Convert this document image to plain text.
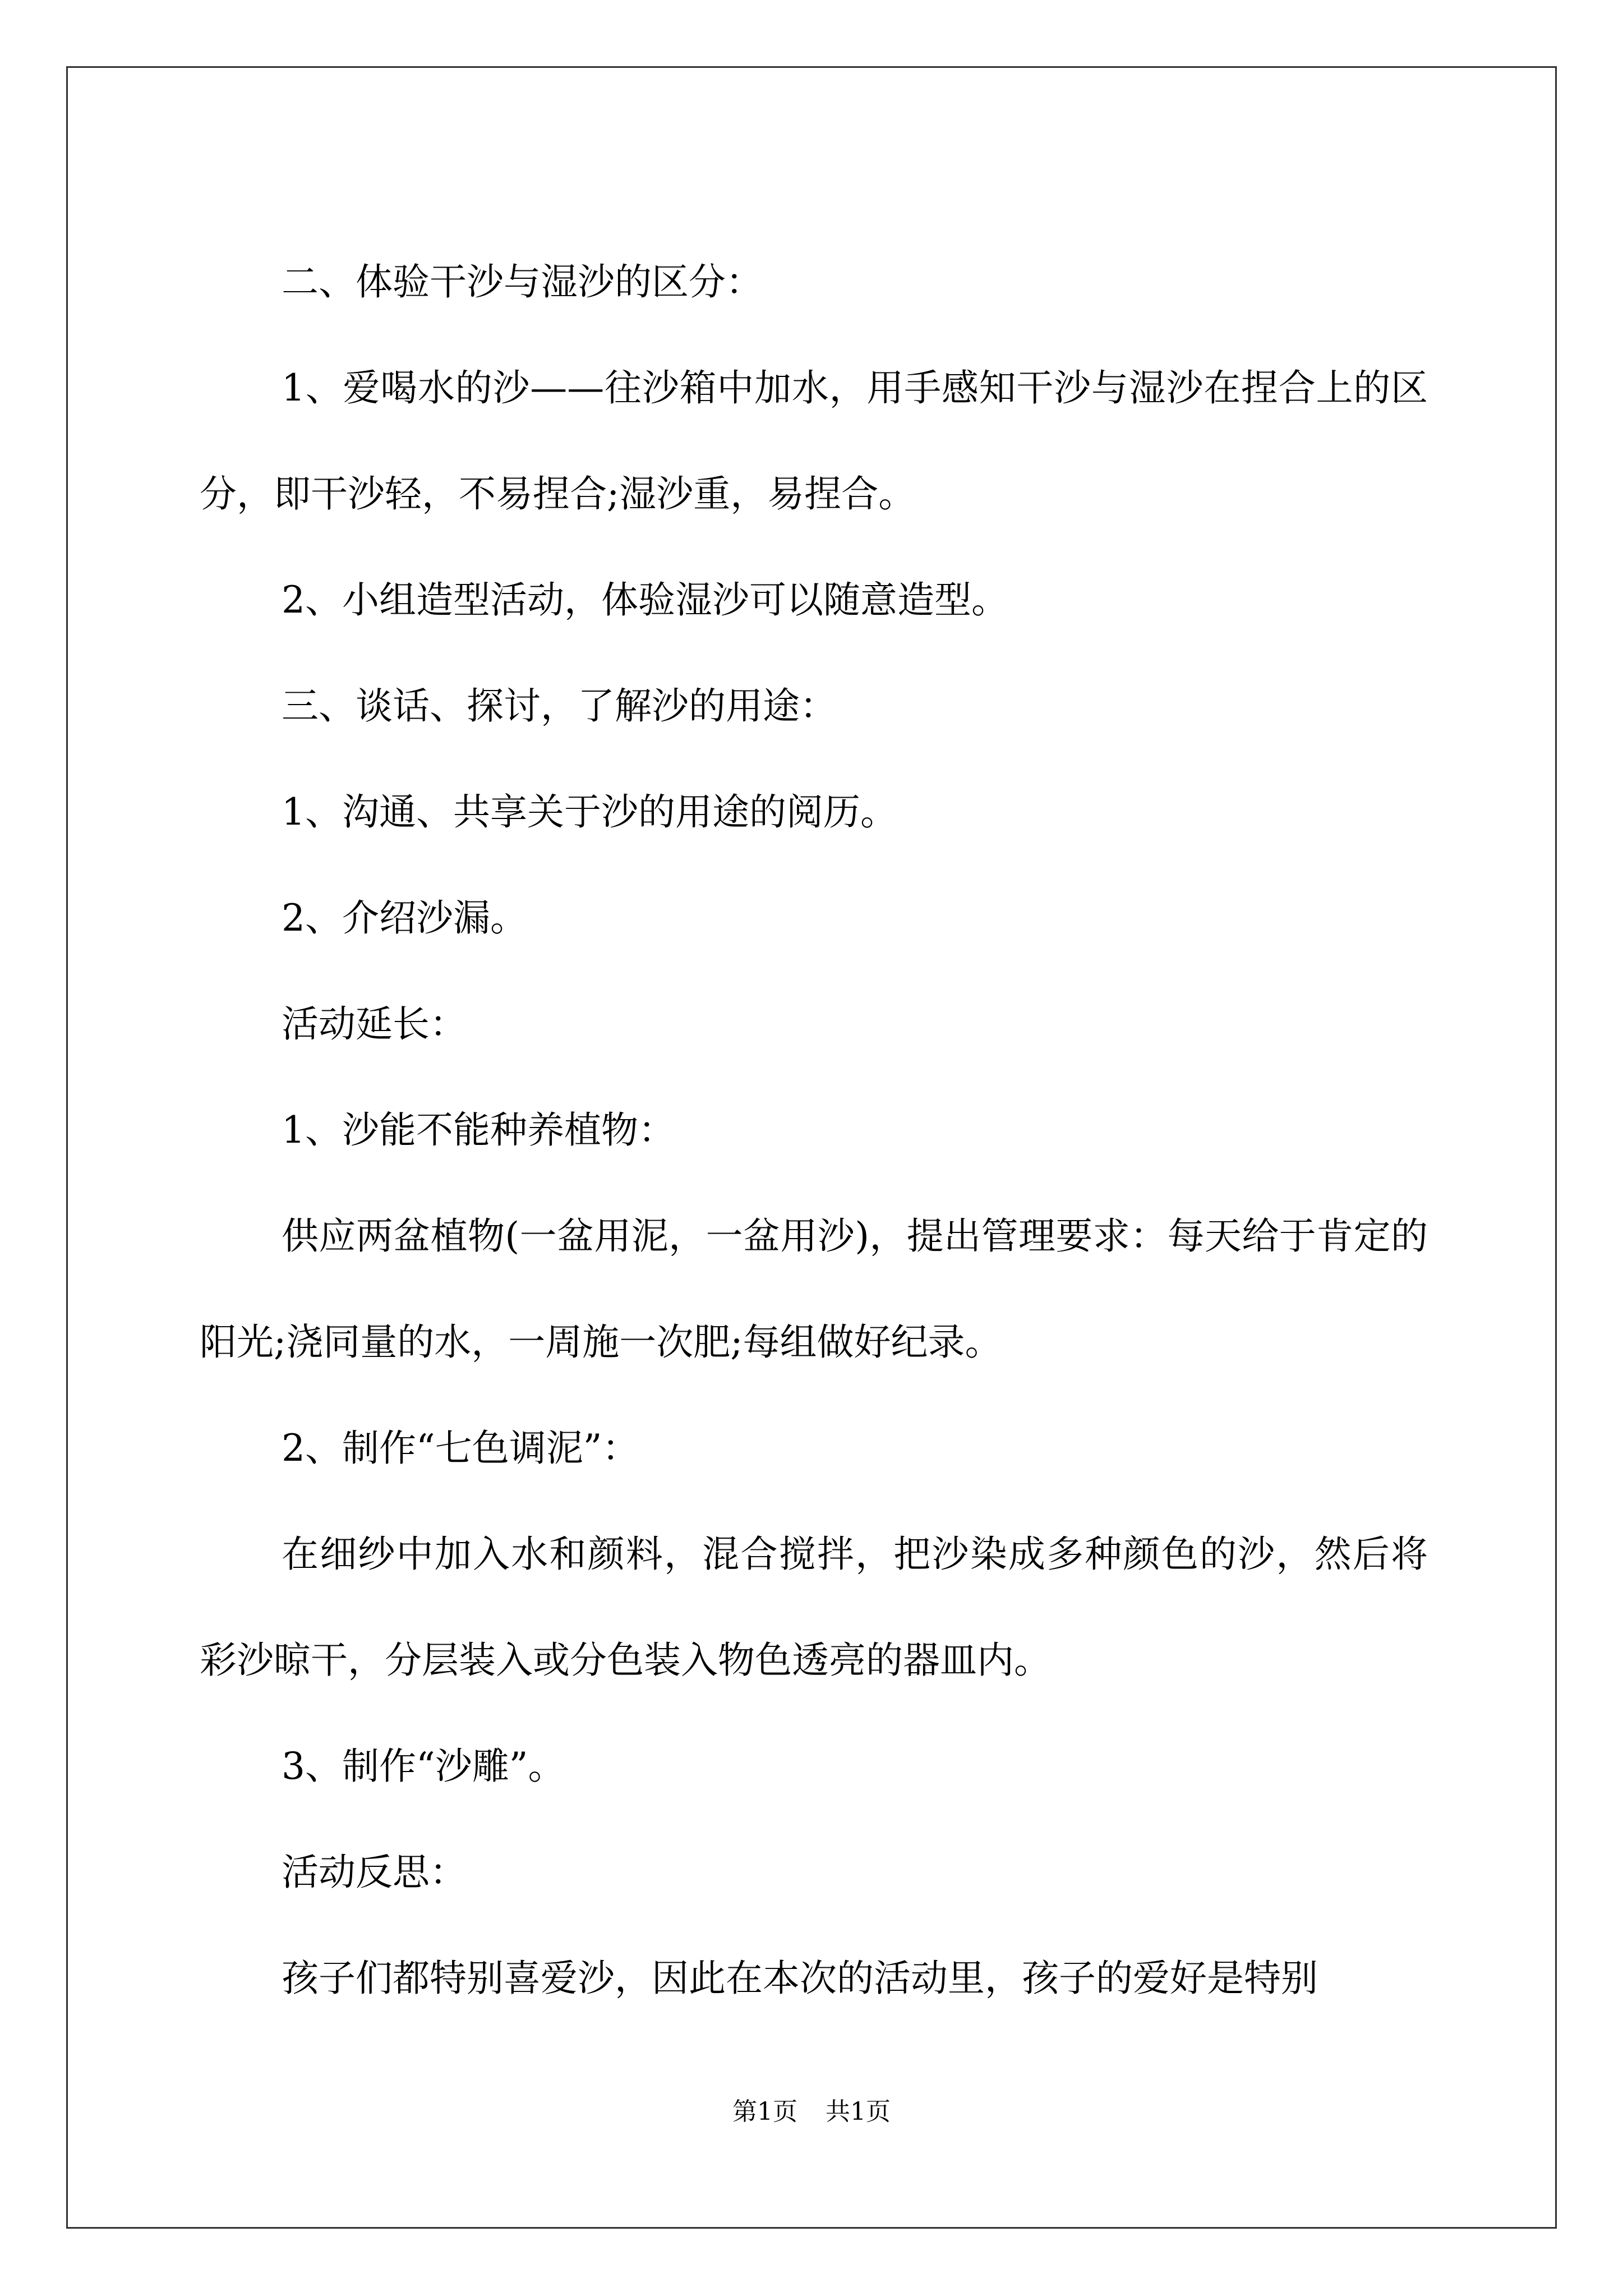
二、体验干沙与湿沙的区分：

1、爱喝水的沙——往沙箱中加水，用手感知干沙与湿沙在捏合上的区分，即干沙轻，不易捏合;湿沙重，易捏合。

2、小组造型活动，体验湿沙可以随意造型。

三、谈话、探讨，了解沙的用途：

1、沟通、共享关于沙的用途的阅历。

2、介绍沙漏。

活动延长：

1、沙能不能种养植物：

供应两盆植物(一盆用泥，一盆用沙)，提出管理要求：每天给于肯定的阳光;浇同量的水，一周施一次肥;每组做好纪录。

2、制作“七色调泥”：

在细纱中加入水和颜料，混合搅拌，把沙染成多种颜色的沙，然后将彩沙晾干，分层装入或分色装入物色透亮的器皿内。

3、制作“沙雕”。

活动反思：

孩子们都特别喜爱沙，因此在本次的活动里，孩子的爱好是特别

第1页 共1页
